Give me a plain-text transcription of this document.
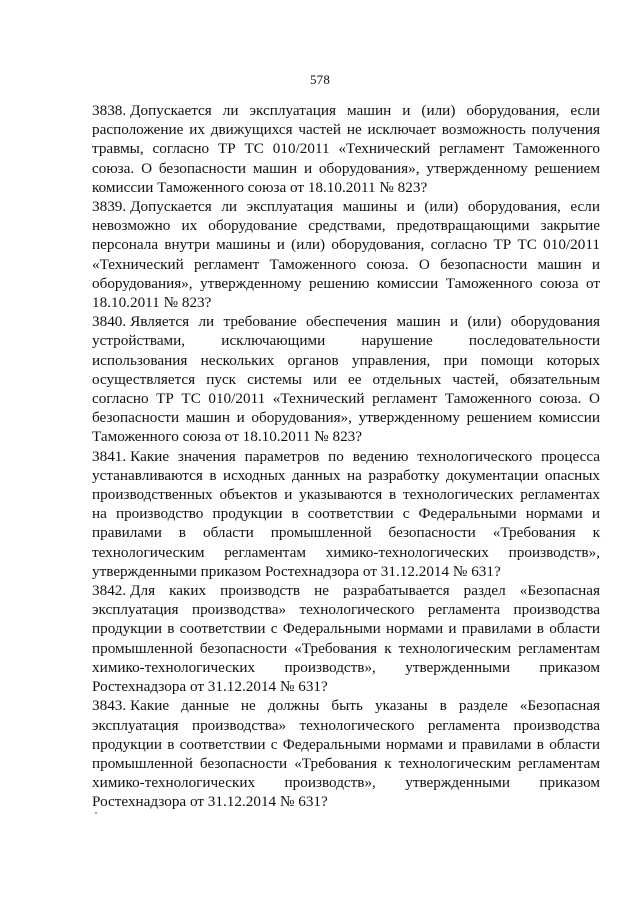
578

3838. Допускается ли эксплуатация машин и (или) оборудования, если расположение их движущихся частей не исключает возможность получения травмы, согласно ТР ТС 010/2011 «Технический регламент Таможенного союза. О безопасности машин и оборудования», утвержденному решением комиссии Таможенного союза от 18.10.2011 № 823?

3839. Допускается ли эксплуатация машины и (или) оборудования, если невозможно их оборудование средствами, предотвращающими закрытие персонала внутри машины и (или) оборудования, согласно ТР ТС 010/2011 «Технический регламент Таможенного союза. О безопасности машин и оборудования», утвержденному решению комиссии Таможенного союза от 18.10.2011 № 823?

3840. Является ли требование обеспечения машин и (или) оборудования устройствами, исключающими нарушение последовательности использования нескольких органов управления, при помощи которых осуществляется пуск системы или ее отдельных частей, обязательным согласно ТР ТС 010/2011 «Технический регламент Таможенного союза. О безопасности машин и оборудования», утвержденному решением комиссии Таможенного союза от 18.10.2011 № 823?

3841. Какие значения параметров по ведению технологического процесса устанавливаются в исходных данных на разработку документации опасных производственных объектов и указываются в технологических регламентах на производство продукции в соответствии с Федеральными нормами и правилами в области промышленной безопасности «Требования к технологическим регламентам химико-технологических производств», утвержденными приказом Ростехнадзора от 31.12.2014 № 631?

3842. Для каких производств не разрабатывается раздел «Безопасная эксплуатация производства» технологического регламента производства продукции в соответствии с Федеральными нормами и правилами в области промышленной безопасности «Требования к технологическим регламентам химико-технологических производств», утвержденными приказом Ростехнадзора от 31.12.2014 № 631?

3843. Какие данные не должны быть указаны в разделе «Безопасная эксплуатация производства» технологического регламента производства продукции в соответствии с Федеральными нормами и правилами в области промышленной безопасности «Требования к технологическим регламентам химико-технологических производств», утвержденными приказом Ростехнадзора от 31.12.2014 № 631?
